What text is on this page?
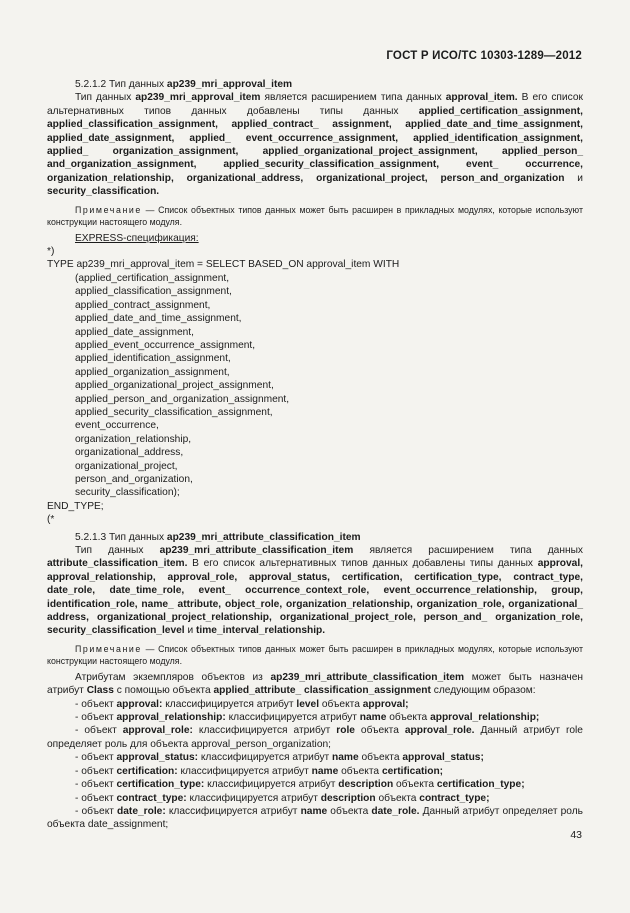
ГОСТ Р ИСО/ТС 10303-1289—2012

5.2.1.2 Тип данных ap239_mri_approval_item

Тип данных ap239_mri_approval_item является расширением типа данных approval_item. В его список альтернативных типов данных добавлены типы данных applied_certification_assignment, applied_classification_assignment, applied_contract_ assignment, applied_date_and_time_assignment, applied_date_assignment, applied_ event_occurrence_assignment, applied_identification_assignment, applied_ organization_assignment, applied_organizational_project_assignment, applied_person_ and_organization_assignment, applied_security_classification_assignment, event_ occurrence, organization_relationship, organizational_address, organizational_project, person_and_organization и security_classification.

Примечание — Список объектных типов данных может быть расширен в прикладных модулях, которые используют конструкции настоящего модуля.

EXPRESS-спецификация:

*)

TYPE ap239_mri_approval_item = SELECT BASED_ON approval_item WITH

(applied_certification_assignment,

applied_classification_assignment,

applied_contract_assignment,

applied_date_and_time_assignment,

applied_date_assignment,

applied_event_occurrence_assignment,

applied_identification_assignment,

applied_organization_assignment,

applied_organizational_project_assignment,

applied_person_and_organization_assignment,

applied_security_classification_assignment,

event_occurrence,

organization_relationship,

organizational_address,

organizational_project,

person_and_organization,

security_classification);

END_TYPE;

(*

5.2.1.3 Тип данных ap239_mri_attribute_classification_item

Тип данных ap239_mri_attribute_classification_item является расширением типа данных attribute_classification_item. В его список альтернативных типов данных добавлены типы данных approval, approval_relationship, approval_role, approval_status, certification, certification_type, contract_type, date_role, date_time_role, event_ occurrence_context_role, event_occurrence_relationship, group, identification_role, name_ attribute, object_role, organization_relationship, organization_role, organizational_ address, organizational_project_relationship, organizational_project_role, person_and_ organization_role, security_classification_level и time_interval_relationship.

Примечание — Список объектных типов данных может быть расширен в прикладных модулях, которые используют конструкции настоящего модуля.

Атрибутам экземпляров объектов из ap239_mri_attribute_classification_item может быть назначен атрибут Class с помощью объекта applied_attribute_ classification_assignment следующим образом:

- объект approval: классифицируется атрибут level объекта approval;

- объект approval_relationship: классифицируется атрибут name объекта approval_relationship;

- объект approval_role: классифицируется атрибут role объекта approval_role. Данный атрибут role определяет роль для объекта approval_person_organization;

- объект approval_status: классифицируется атрибут name объекта approval_status;

- объект certification: классифицируется атрибут name объекта certification;

- объект certification_type: классифицируется атрибут description объекта certification_type;

- объект contract_type: классифицируется атрибут description объекта contract_type;

- объект date_role: классифицируется атрибут name объекта date_role. Данный атрибут определяет роль объекта date_assignment;

43
